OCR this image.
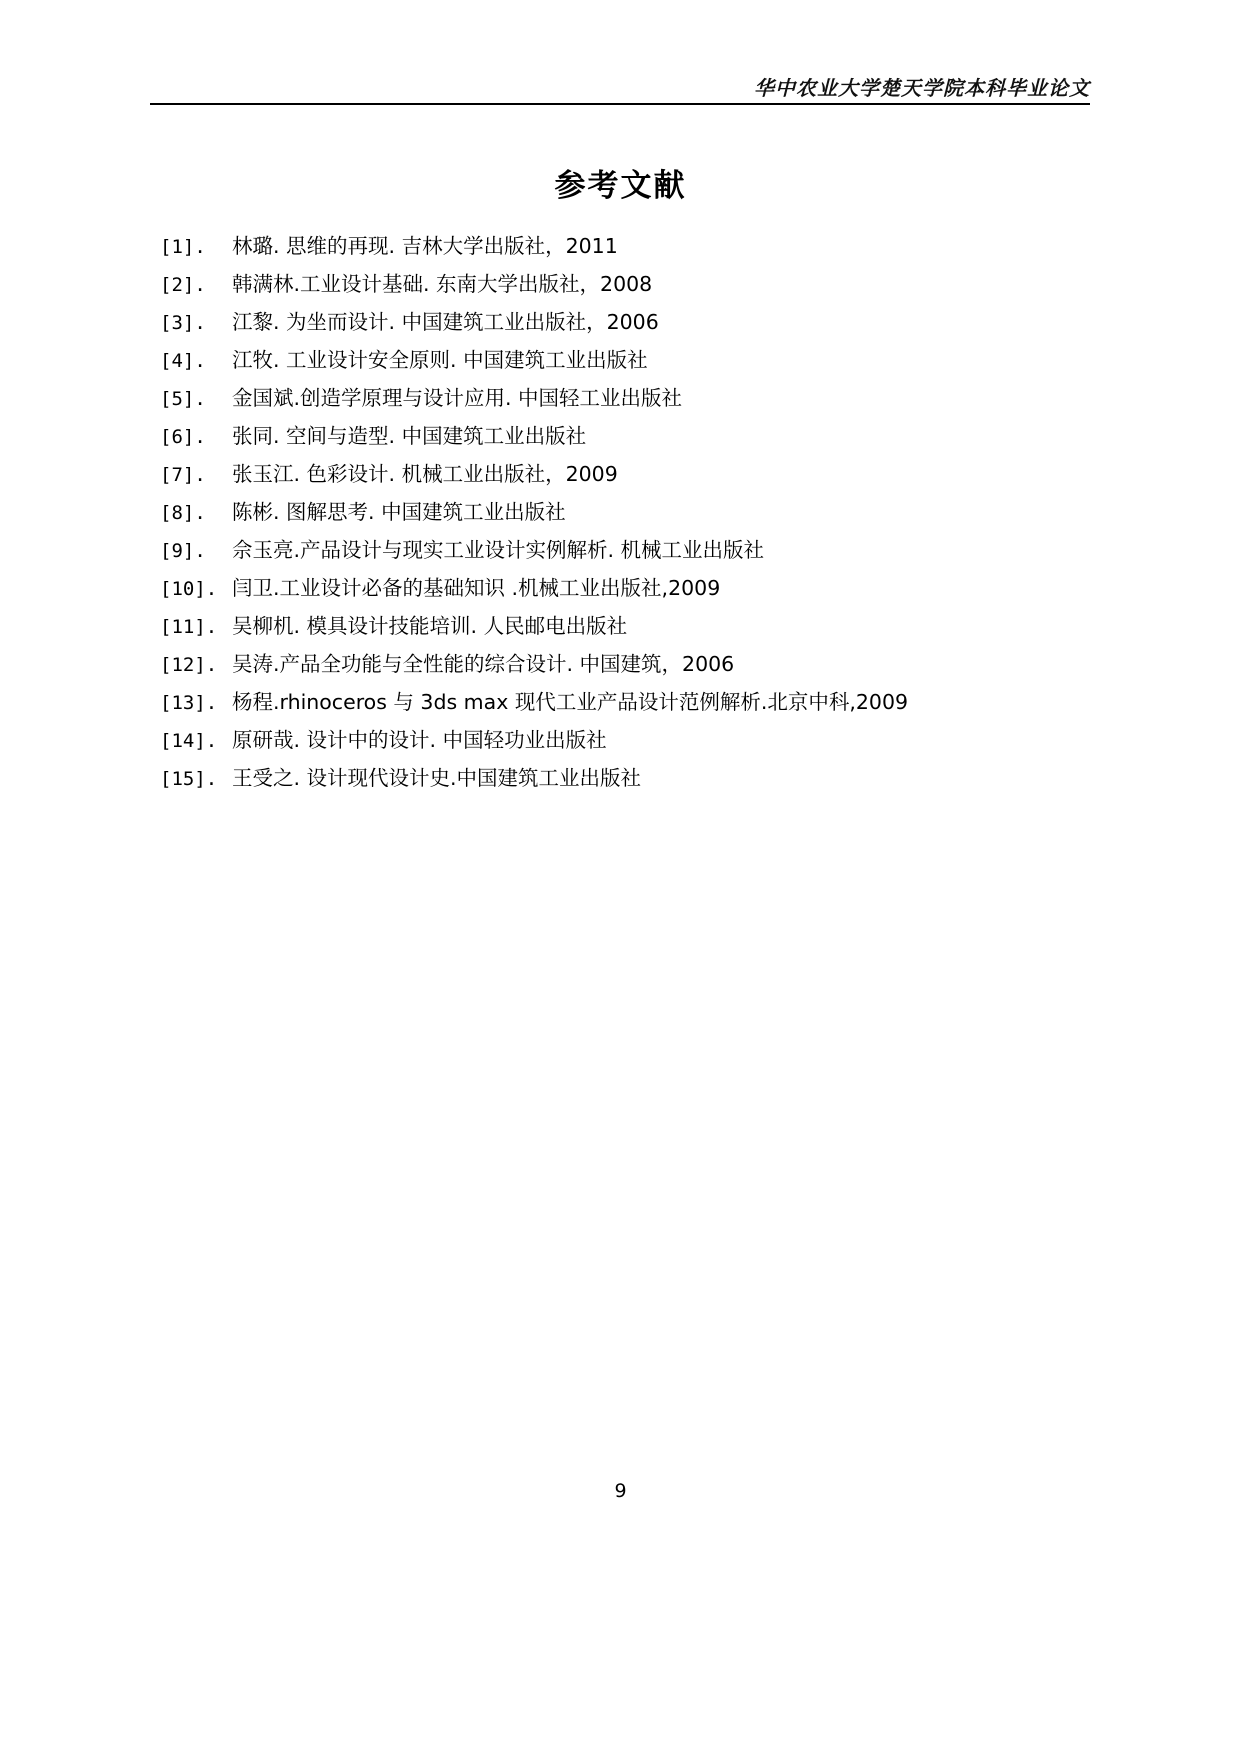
华中农业大学楚天学院本科毕业论文
参考文献
[1].	林璐. 思维的再现. 吉林大学出版社，2011
[2].	韩满林.工业设计基础. 东南大学出版社，2008
[3].	江黎. 为坐而设计. 中国建筑工业出版社，2006
[4].	江牧. 工业设计安全原则. 中国建筑工业出版社
[5].	金国斌.创造学原理与设计应用. 中国轻工业出版社
[6].	张同. 空间与造型. 中国建筑工业出版社
[7].	张玉江. 色彩设计. 机械工业出版社，2009
[8].	陈彬. 图解思考. 中国建筑工业出版社
[9].	佘玉亮.产品设计与现实工业设计实例解析. 机械工业出版社
[10]. 闫卫.工业设计必备的基础知识 .机械工业出版社,2009
[11]. 吴柳机. 模具设计技能培训. 人民邮电出版社
[12]. 吴涛.产品全功能与全性能的综合设计. 中国建筑，2006
[13]. 杨程.rhinoceros 与 3ds max 现代工业产品设计范例解析.北京中科,2009
[14]. 原研哉. 设计中的设计. 中国轻功业出版社
[15]. 王受之. 设计现代设计史.中国建筑工业出版社
9
